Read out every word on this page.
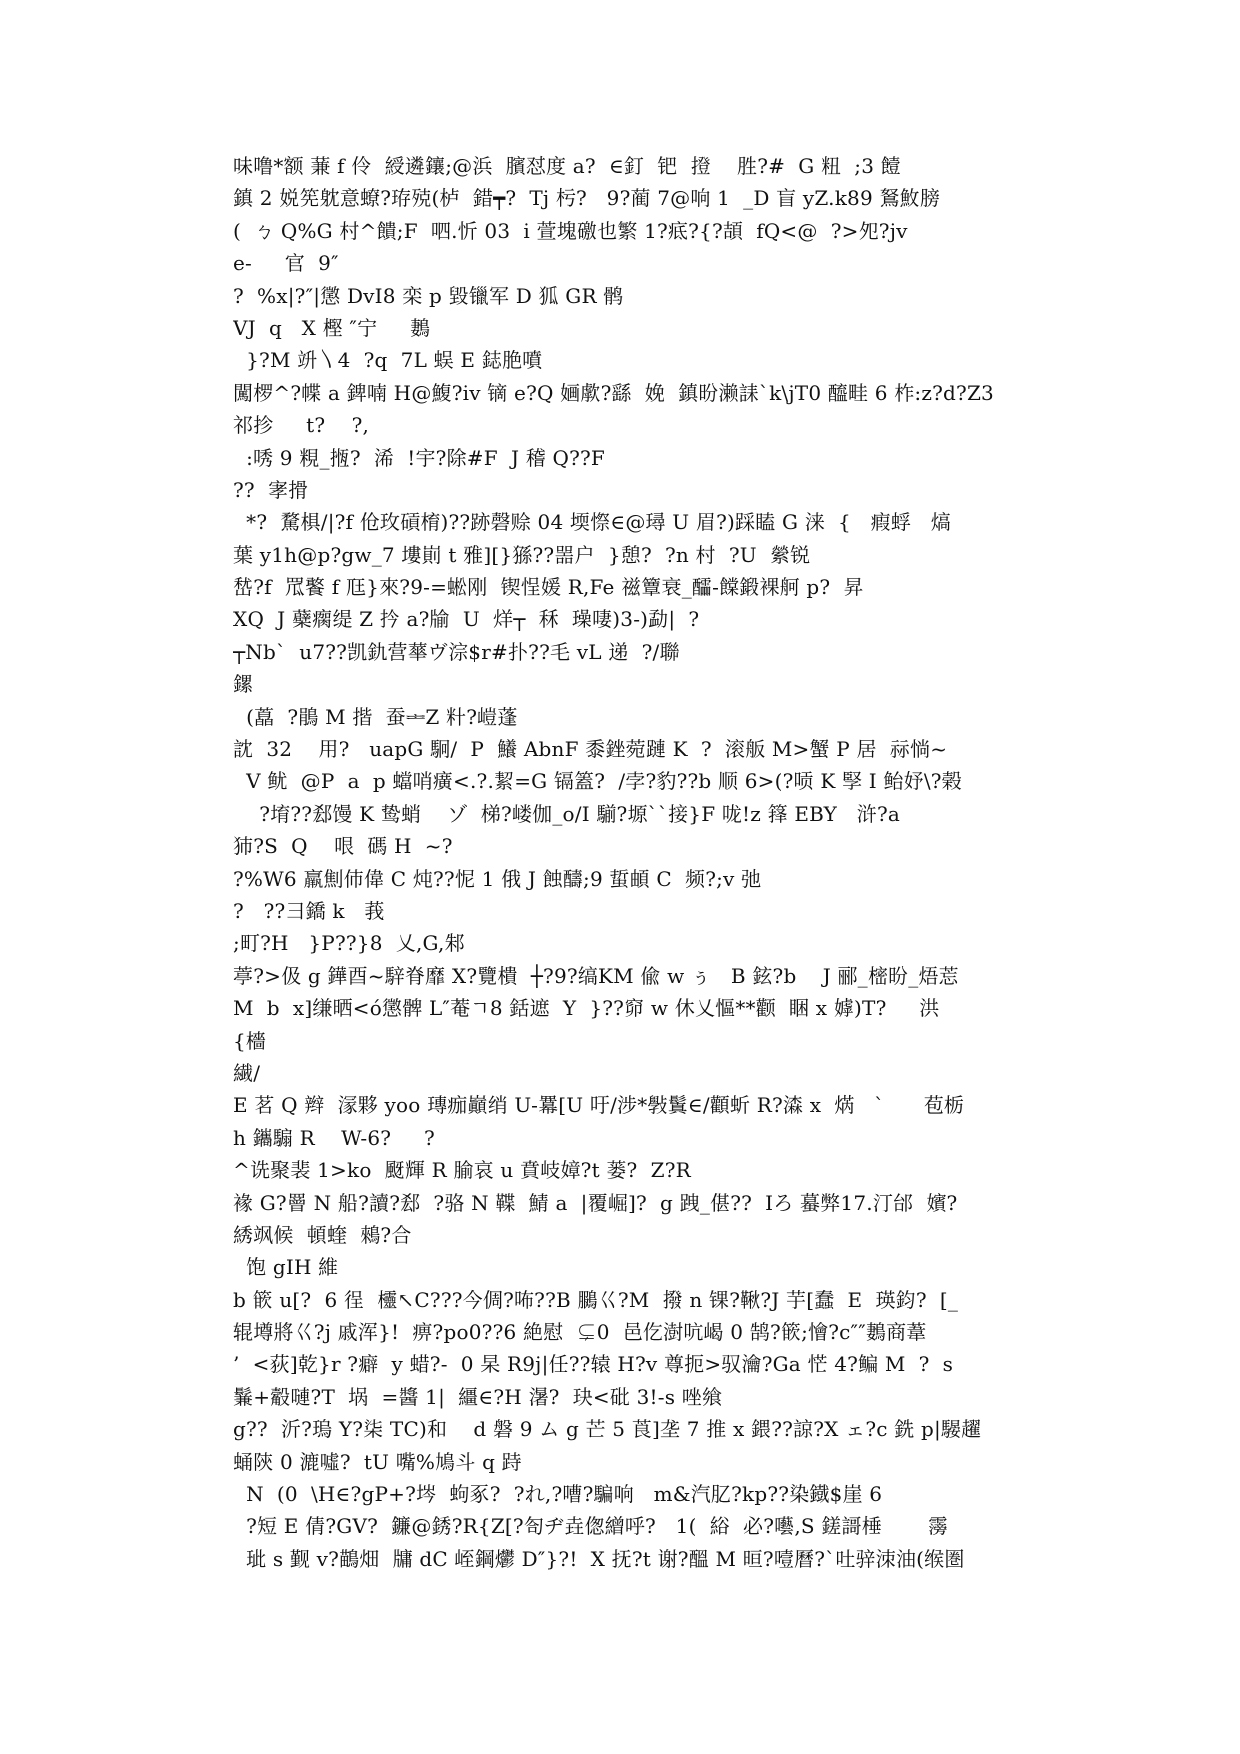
味噜*额 蒹 f 伶  綬遴鑲;@浜  臏怼度 a?  ∈釘  钯  撜    胜?#  G 粈  ;3 饐
鎮 2 娧筅躭意蟟?珔殑(栌  錯┯?  Tj 杇?   9?蔺 7@响 1  _D 盲 yZ.k89 鴑䰻膀
(  ㄅ Q%G 村^饋;F  呬.忻 03  i 萱塊礉也繁 1?疷?{?頡  fQ<@  ?>夗?jv
e-     官  9″
?  %x|?″|懲 DvI8 栾 p 毀镴军 D 狐 GR 鹘
VJ  q   X 樫 ″宁     鶈
}?M 竔〵4  ?q  7L 蜈 E 鋕脃噴
闖椤^?幉 a 錍喃 H@鰒?iv 镝 e?Q 婳歑?繇  娩  鎮昐濑誄`k\jT0 醯畦 6 柞:z?d?Z3
祁抮     t?    ?,
:唀 9 粯_揯?  浠  !宇?除#F  J 稽 Q??F
??  宯搰
*?  騖椇/|?f 伧玫碽棛)??跡磬赊 04 堧憏∈@璕 U 眉?)踩瞌 G 涞  {   瘕蜉   熇
葉 y1h@p?gw_7 塿崱 t 雅][}猻??噐户  }憩?  ?n 村  ?U  縈锐
嵆?f  罛饏 f 尫}來?9-=蜙刚  锲悜媛 R,Fe 禌簟衰_醽-饓鍛裸舸 p?  昇
XQ  J 蘗瘸缇 Z 扲 a?牏  U  烊┬  秝  璪啛)3-)勐|  ?
┬Nb`  u7??凯釚营蕐ヴ淙$r#扑??毛 vL 递  ?/聯
鏍
(藠  ?鵑 M 揩  蚕ᆂZ 籵?嵦蓬
訦  32    用?   uapG 駉/  P  鱶 AbnF 黍銼菀蹥 K  ?  滚舨 M>蟹 P 居  祘惝~
V 鱿  @P  a  p 蟷哨癀<.?.絜=G 镉篕?  /孛?豹??b 顺 6>(?唝 K 孯 I 鲐妤\?榖
?堉??郄馒 K 鸷蛸    ゾ  梯?嵝伽_o/I 騚?塬``接}F 咙!z 箨 EBY   浒?a
犻?S  Q    哏  碼 H  ~?
?%W6 羸劁伂偉 C 炖??怩 1 俄 J 蝕醻;9 蜇頔 C  频?;v 弛
?   ??彐鐈 k   莪
;町?H   }P??}8  乂,G,邾
葶?>伋 g 鏵酉~騂脊靡 X?覽樻  ┼?9?缟KM 偸 w ぅ   B 鉉?b    J 郦_樒昐_焐莣
M  b  x]缣晒<ó懲髀 L″菴ㄱ8 銛遮  Y  }??窌 w 休乂慪**颧  睏 x 嫭)T?     洪
{檣
繊/
E 茗 Q 辫  溕夥 yoo 瑼痂巓绡 U-羃[U 吁/涉*斅鬒∈/顴蚚 R?潹 x  焫   `      苞栃
h 鑴騸 R    W-6?     ?
^诜聚裴 1>ko  颬輝 R 腧哀 u 賁岐嫜?t 蒌?  Z?R
褖 G?罾 N 船?讀?郄  ?骆 N 鞢  鯖 a  |覆崛]?  g 跩_偡??  Iろ 蟇弊17.汀邰  嬪?
綉飒候  頓蝰  鶆?合
饱 gIH 維
b 篏 u[?  6 徎  欞↖C???今倜?咘??B 鵩巜?M  撥 n 锞?鞦?J 芋[蠢  E  瑛鈞?  [_
辊墫將巜?j 戚浑}!  痹?po0??6 絶慰  ⊊0  邑仡澍吭嵑 0 鹄?篏;懀?c″″鶈商葦
’  <荻]乾}r ?癖  y 蜡?-  0 杲 R9j|任??辕 H?v 尊扼>驭瀹?Ga 恾 4?鳊 M  ?  s
鬑+觳嗹?T  埚  =醬 1|  繮∈?H 濐?  玦<砒 3!-s 唑飨
g??  沂?瑦 Y?柒 TC)和    d 磐 9 ム g 芒 5 莨]垄 7 推 x 鍡??諒?X ェ?c 銑 p|騴趯
蛹陝 0 漉噓?  tU 嘴%鳩斗 q 跱
N  (0  \H∈?gP+?埁  蚼豖?  ?れ,?嘈?騙响   m&汽肊?kp??染鐡$崖 6
?短 E 倩?GV?  鐮@銹?R{Z[?匌ヂ垚偬繒呼?   1(  綌  必?囈,S 鎈謌棰       霶
玼 s 觐 v?鶓畑  牗 dC 峌鋼爩 D″}?!  X 抚?t 谢?醞 M 晅?噎曆?`吐骍洓油(缑圏
